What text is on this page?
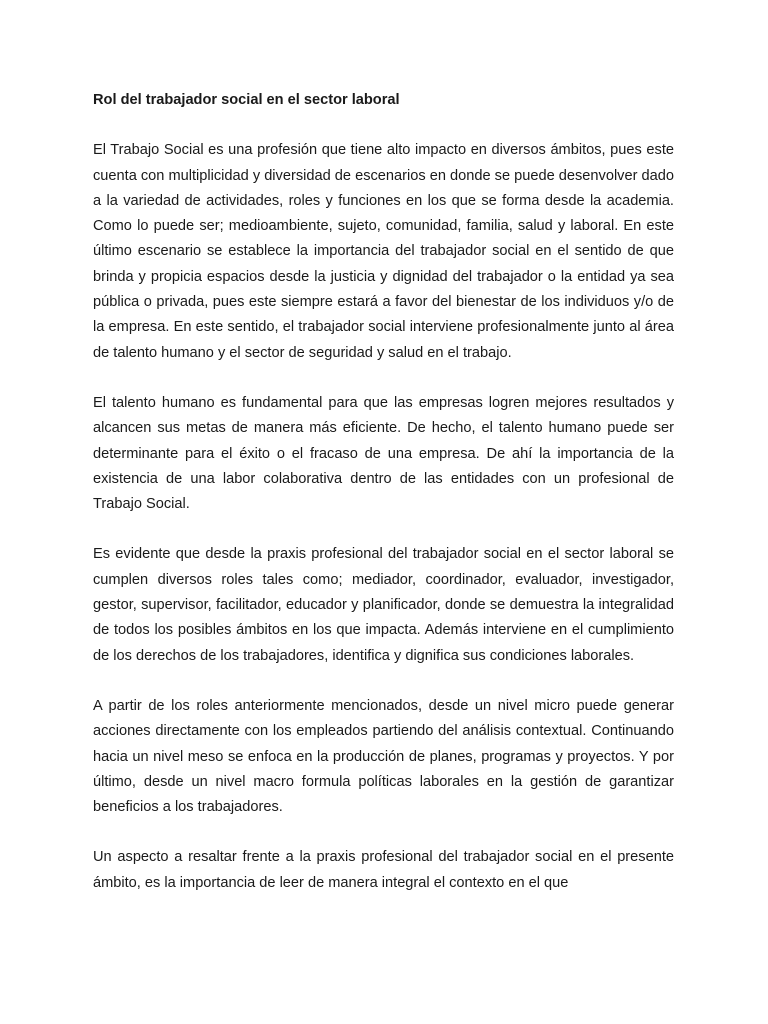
Rol del trabajador social en el sector laboral

El Trabajo Social es una profesión que tiene alto impacto en diversos ámbitos, pues este cuenta con multiplicidad y diversidad de escenarios en donde se puede desenvolver dado a la variedad de actividades, roles y funciones en los que se forma desde la academia. Como lo puede ser; medioambiente, sujeto, comunidad, familia, salud y laboral. En este último escenario se establece la importancia del trabajador social en el sentido de que brinda y propicia espacios desde la justicia y dignidad del trabajador o la entidad ya sea pública o privada, pues este siempre estará a favor del bienestar de los individuos y/o de la empresa. En este sentido, el trabajador social interviene profesionalmente junto al área de talento humano y el sector de seguridad y salud en el trabajo.

El talento humano es fundamental para que las empresas logren mejores resultados y alcancen sus metas de manera más eficiente. De hecho, el talento humano puede ser determinante para el éxito o el fracaso de una empresa. De ahí la importancia de la existencia de una labor colaborativa dentro de las entidades con un profesional de Trabajo Social.

Es evidente que desde la praxis profesional del trabajador social en el sector laboral se cumplen diversos roles tales como; mediador, coordinador, evaluador, investigador, gestor, supervisor, facilitador, educador y planificador, donde se demuestra la integralidad de todos los posibles ámbitos en los que impacta. Además interviene en el cumplimiento de los derechos de los trabajadores, identifica y dignifica sus condiciones laborales.

A partir de los roles anteriormente mencionados, desde un nivel micro puede generar acciones directamente con los empleados partiendo del análisis contextual. Continuando hacia un nivel meso se enfoca en la producción de planes, programas y proyectos. Y por último, desde un nivel macro formula políticas laborales en la gestión de garantizar beneficios a los trabajadores.

Un aspecto a resaltar frente a la praxis profesional del trabajador social en el presente ámbito, es la importancia de leer de manera integral el contexto en el que
